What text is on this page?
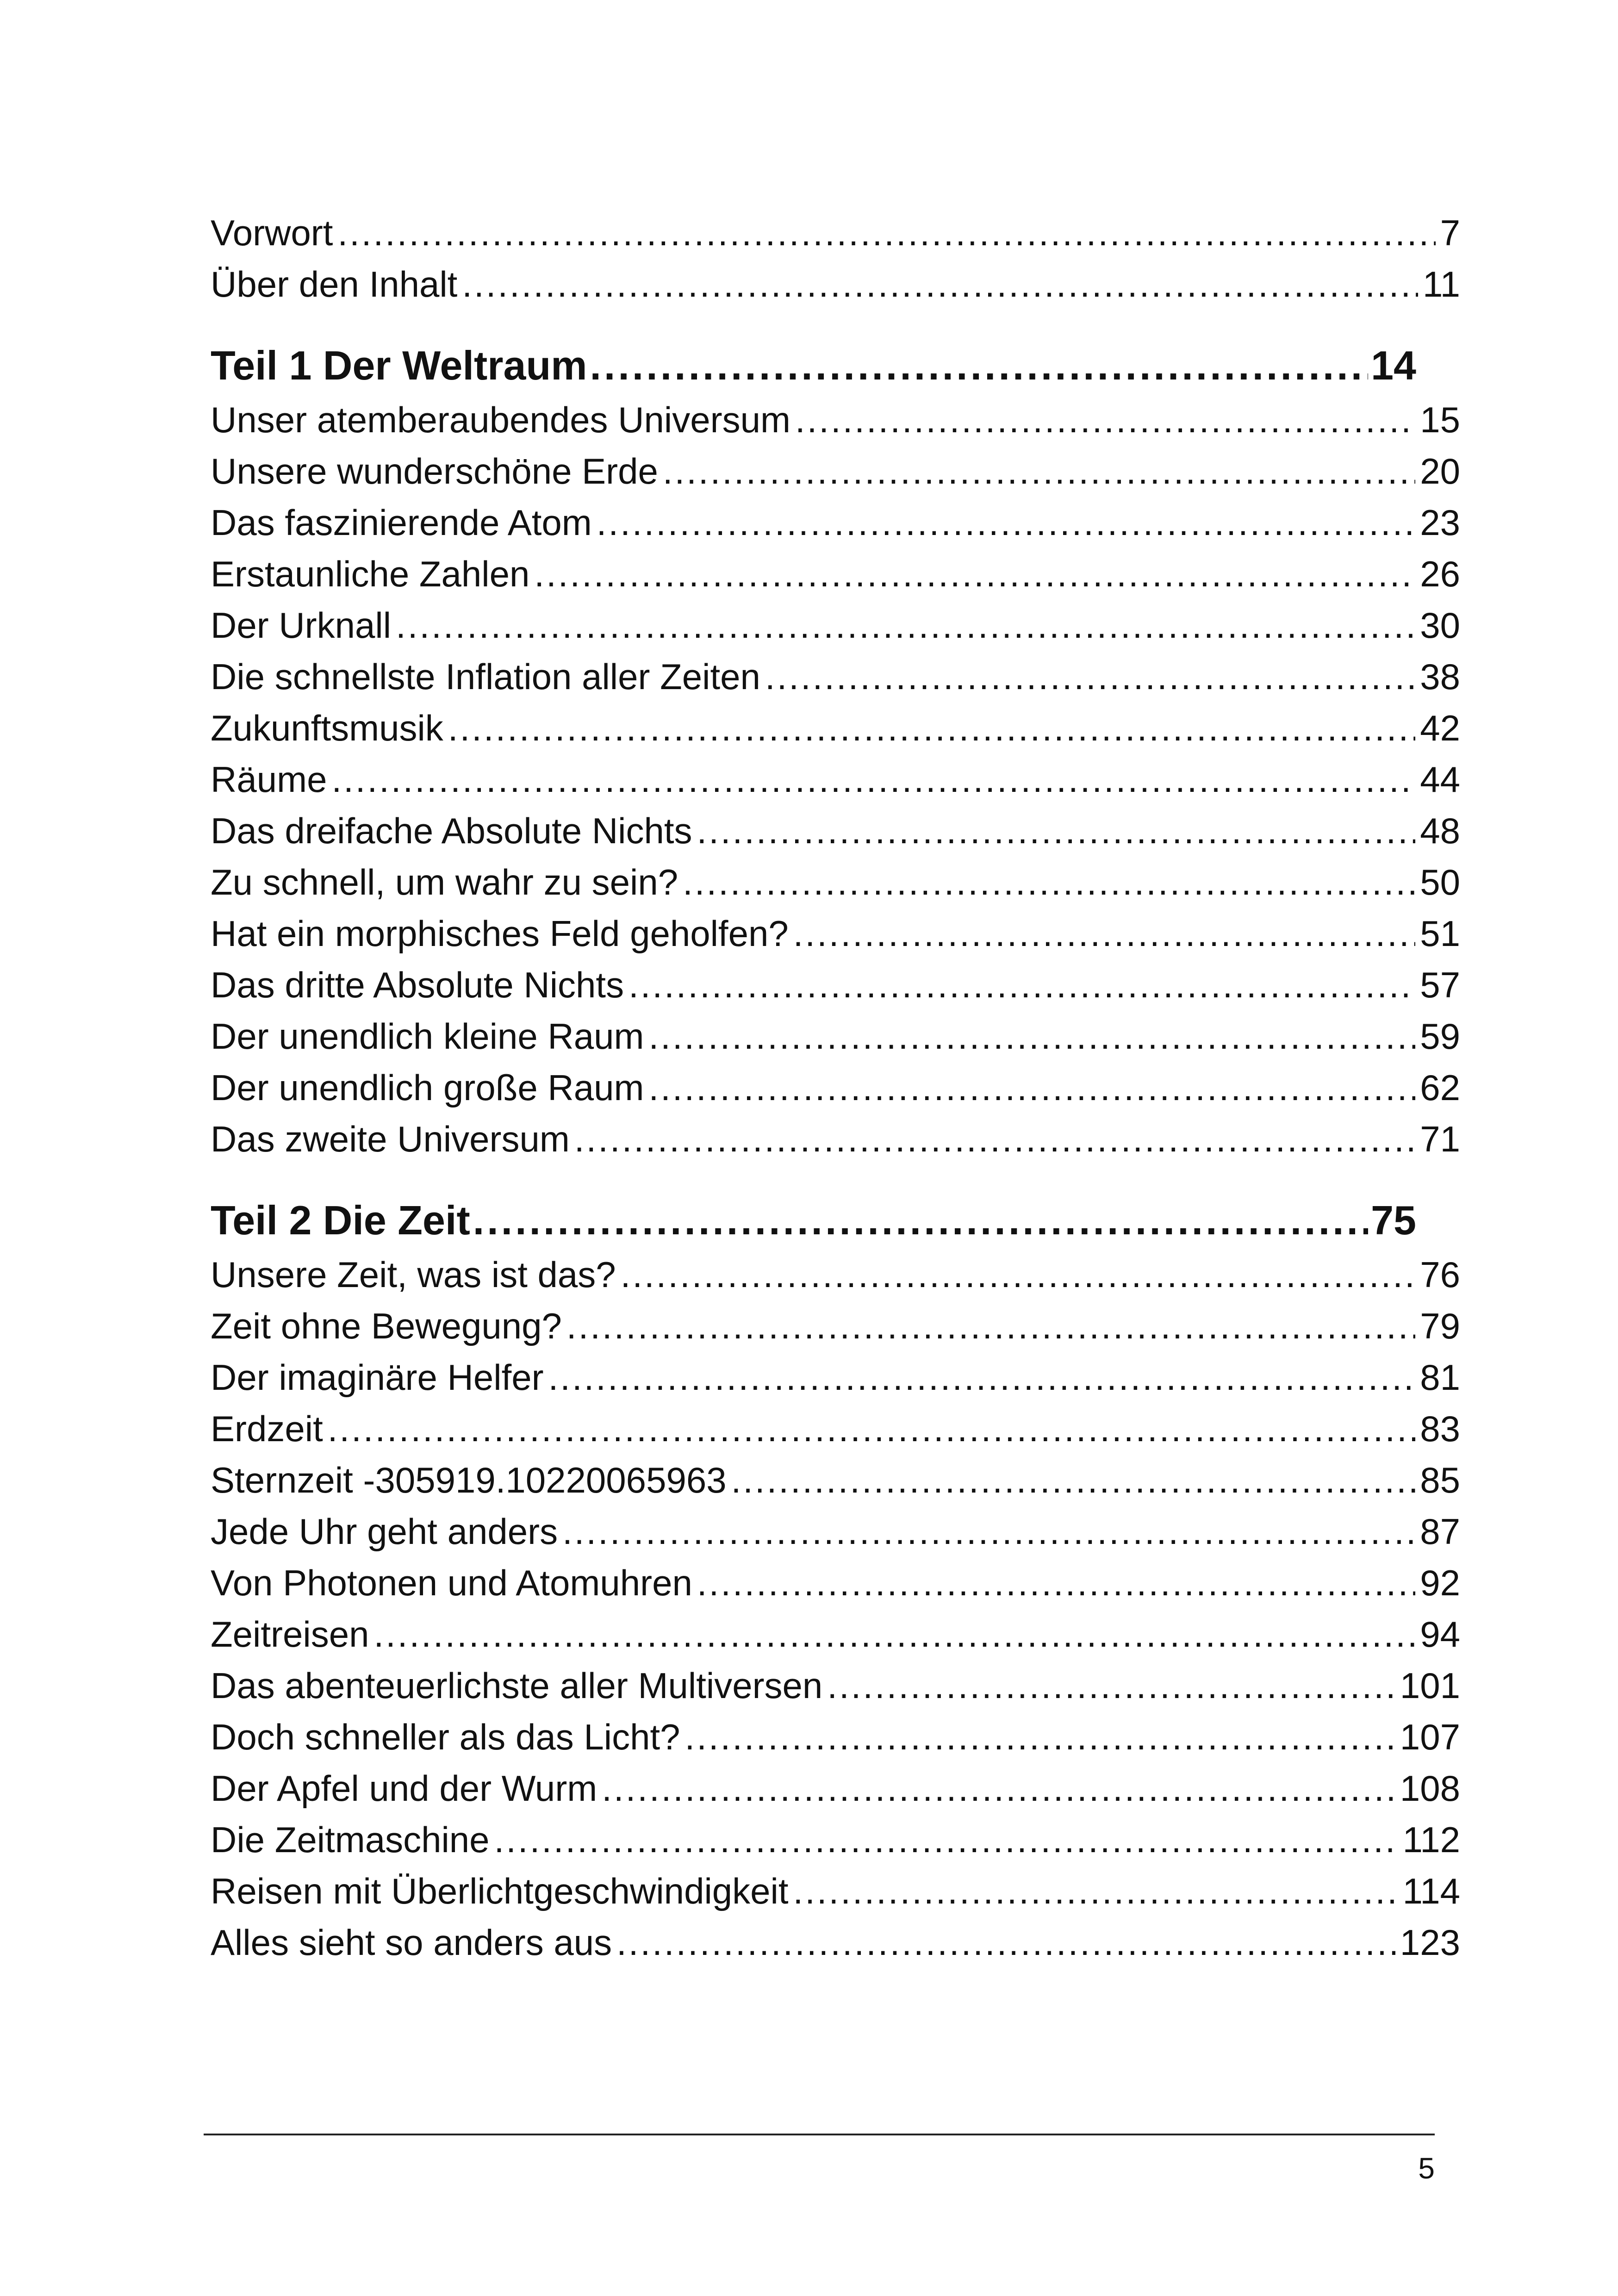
Vorwort .....	7
Über den Inhalt .....	11
Teil 1 Der Weltraum .....	14
Unser atemberaubendes Universum .....	15
Unsere wunderschöne Erde .....	20
Das faszinierende Atom .....	23
Erstaunliche Zahlen .....	26
Der Urknall .....	30
Die schnellste Inflation aller Zeiten .....	38
Zukunftsmusik .....	42
Räume .....	44
Das dreifache Absolute Nichts .....	48
Zu schnell, um wahr zu sein? .....	50
Hat ein morphisches Feld geholfen? .....	51
Das dritte Absolute Nichts .....	57
Der unendlich kleine Raum .....	59
Der unendlich große Raum .....	62
Das zweite Universum .....	71
Teil 2 Die Zeit .....	75
Unsere Zeit, was ist das? .....	76
Zeit ohne Bewegung? .....	79
Der imaginäre Helfer .....	81
Erdzeit .....	83
Sternzeit -305919.10220065963 .....	85
Jede Uhr geht anders .....	87
Von Photonen und Atomuhren .....	92
Zeitreisen .....	94
Das abenteuerlichste aller Multiversen .....	101
Doch schneller als das Licht? .....	107
Der Apfel und der Wurm .....	108
Die Zeitmaschine .....	112
Reisen mit Überlichtgeschwindigkeit .....	114
Alles sieht so anders aus .....	123
5
